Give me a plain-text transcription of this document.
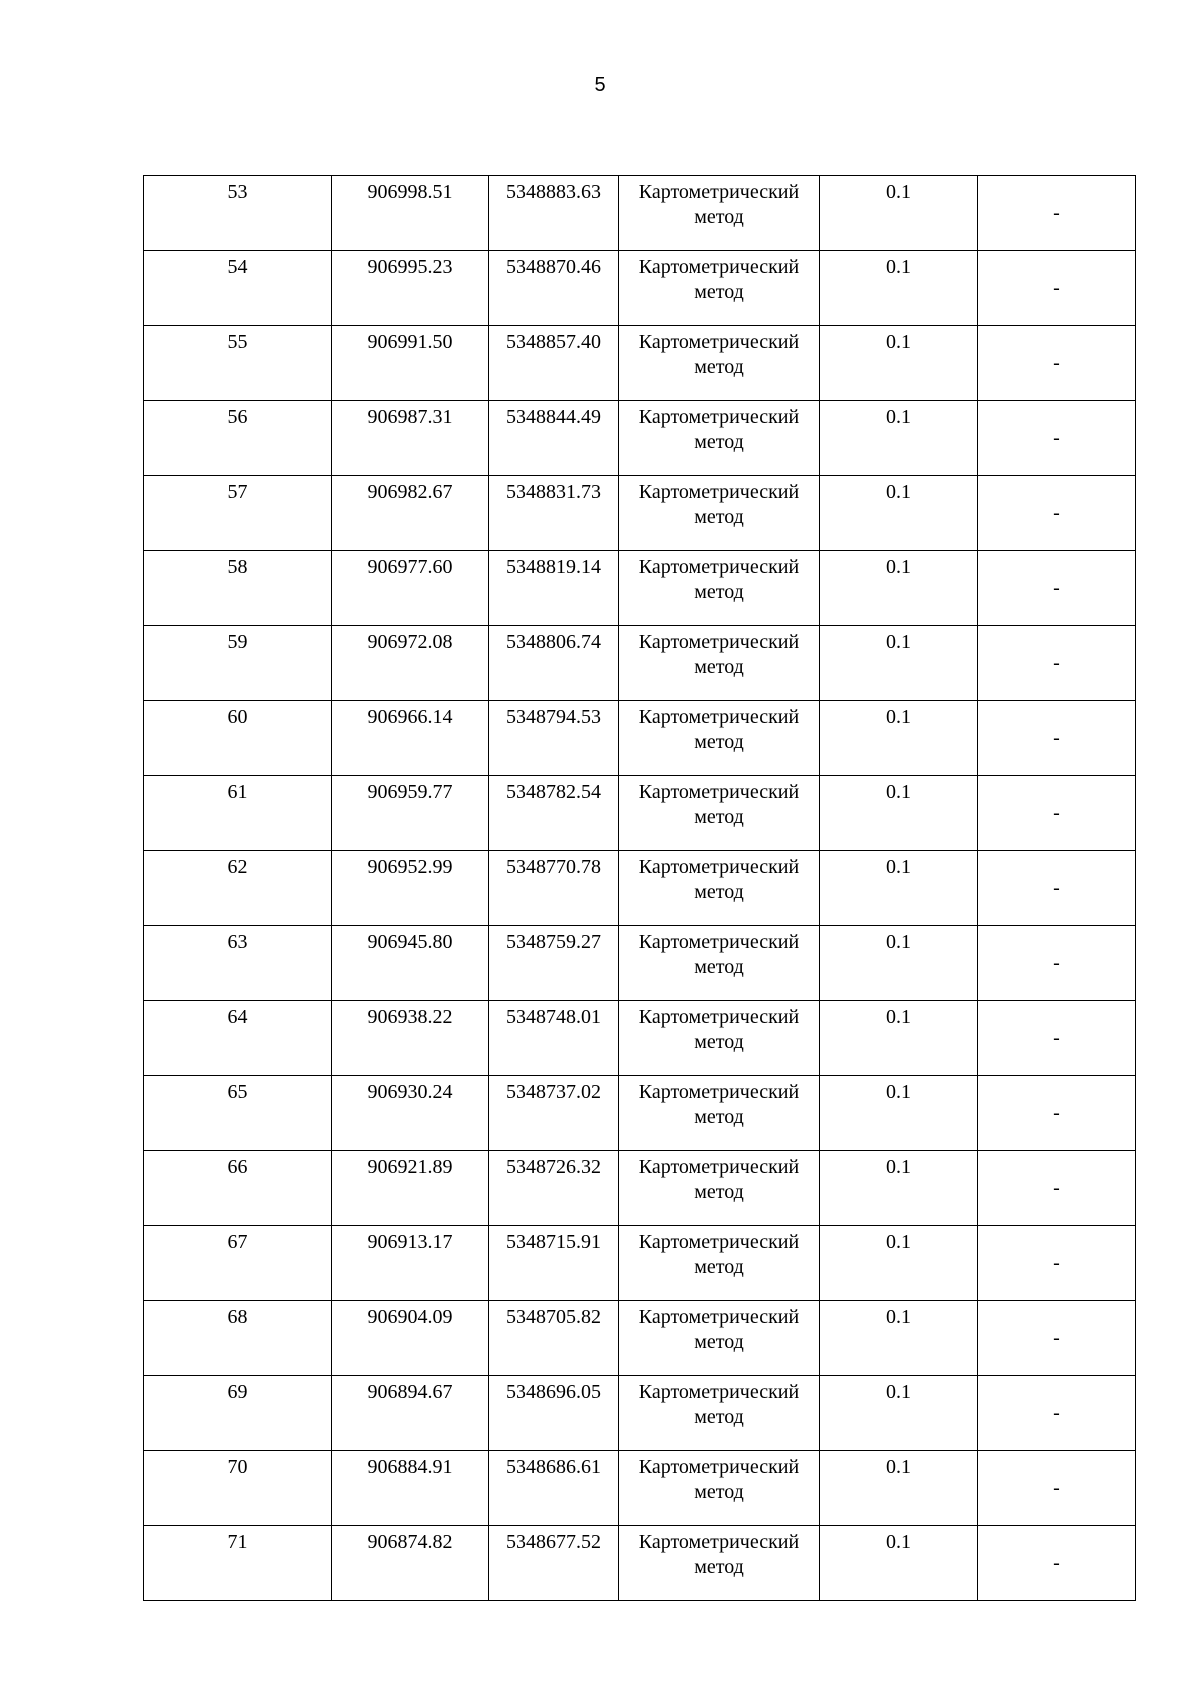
5
53	906998.51	5348883.63	Картометрический метод	0.1	-
54	906995.23	5348870.46	Картометрический метод	0.1	-
55	906991.50	5348857.40	Картометрический метод	0.1	-
56	906987.31	5348844.49	Картометрический метод	0.1	-
57	906982.67	5348831.73	Картометрический метод	0.1	-
58	906977.60	5348819.14	Картометрический метод	0.1	-
59	906972.08	5348806.74	Картометрический метод	0.1	-
60	906966.14	5348794.53	Картометрический метод	0.1	-
61	906959.77	5348782.54	Картометрический метод	0.1	-
62	906952.99	5348770.78	Картометрический метод	0.1	-
63	906945.80	5348759.27	Картометрический метод	0.1	-
64	906938.22	5348748.01	Картометрический метод	0.1	-
65	906930.24	5348737.02	Картометрический метод	0.1	-
66	906921.89	5348726.32	Картометрический метод	0.1	-
67	906913.17	5348715.91	Картометрический метод	0.1	-
68	906904.09	5348705.82	Картометрический метод	0.1	-
69	906894.67	5348696.05	Картометрический метод	0.1	-
70	906884.91	5348686.61	Картометрический метод	0.1	-
71	906874.82	5348677.52	Картометрический метод	0.1	-
